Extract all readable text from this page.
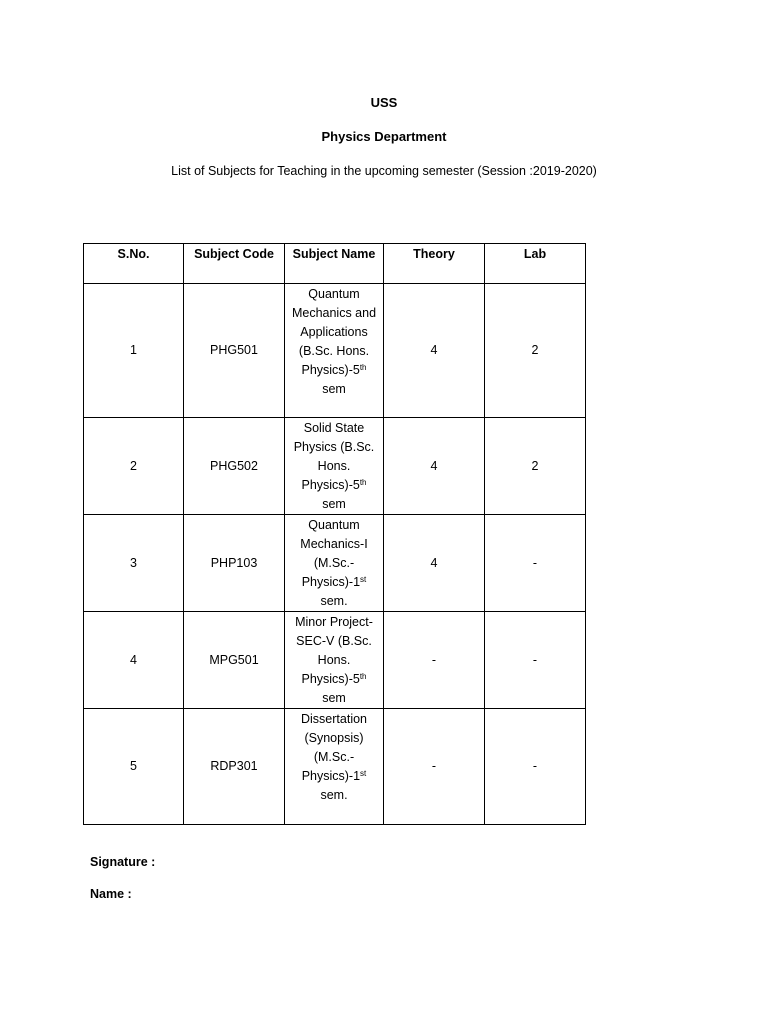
USS
Physics Department
List of Subjects for Teaching in the upcoming semester (Session :2019-2020)
S.No.	Subject Code	Subject Name	Theory	Lab
1	PHG501	Quantum Mechanics and Applications (B.Sc. Hons. Physics)-5th sem	4	2
2	PHG502	Solid State Physics (B.Sc. Hons. Physics)-5th sem	4	2
3	PHP103	Quantum Mechanics-I (M.Sc.-Physics)-1st sem.	4	-
4	MPG501	Minor Project-SEC-V (B.Sc. Hons. Physics)-5th sem	-	-
5	RDP301	Dissertation (Synopsis) (M.Sc.-Physics)-1st sem.	-	-
Signature :
Name :
